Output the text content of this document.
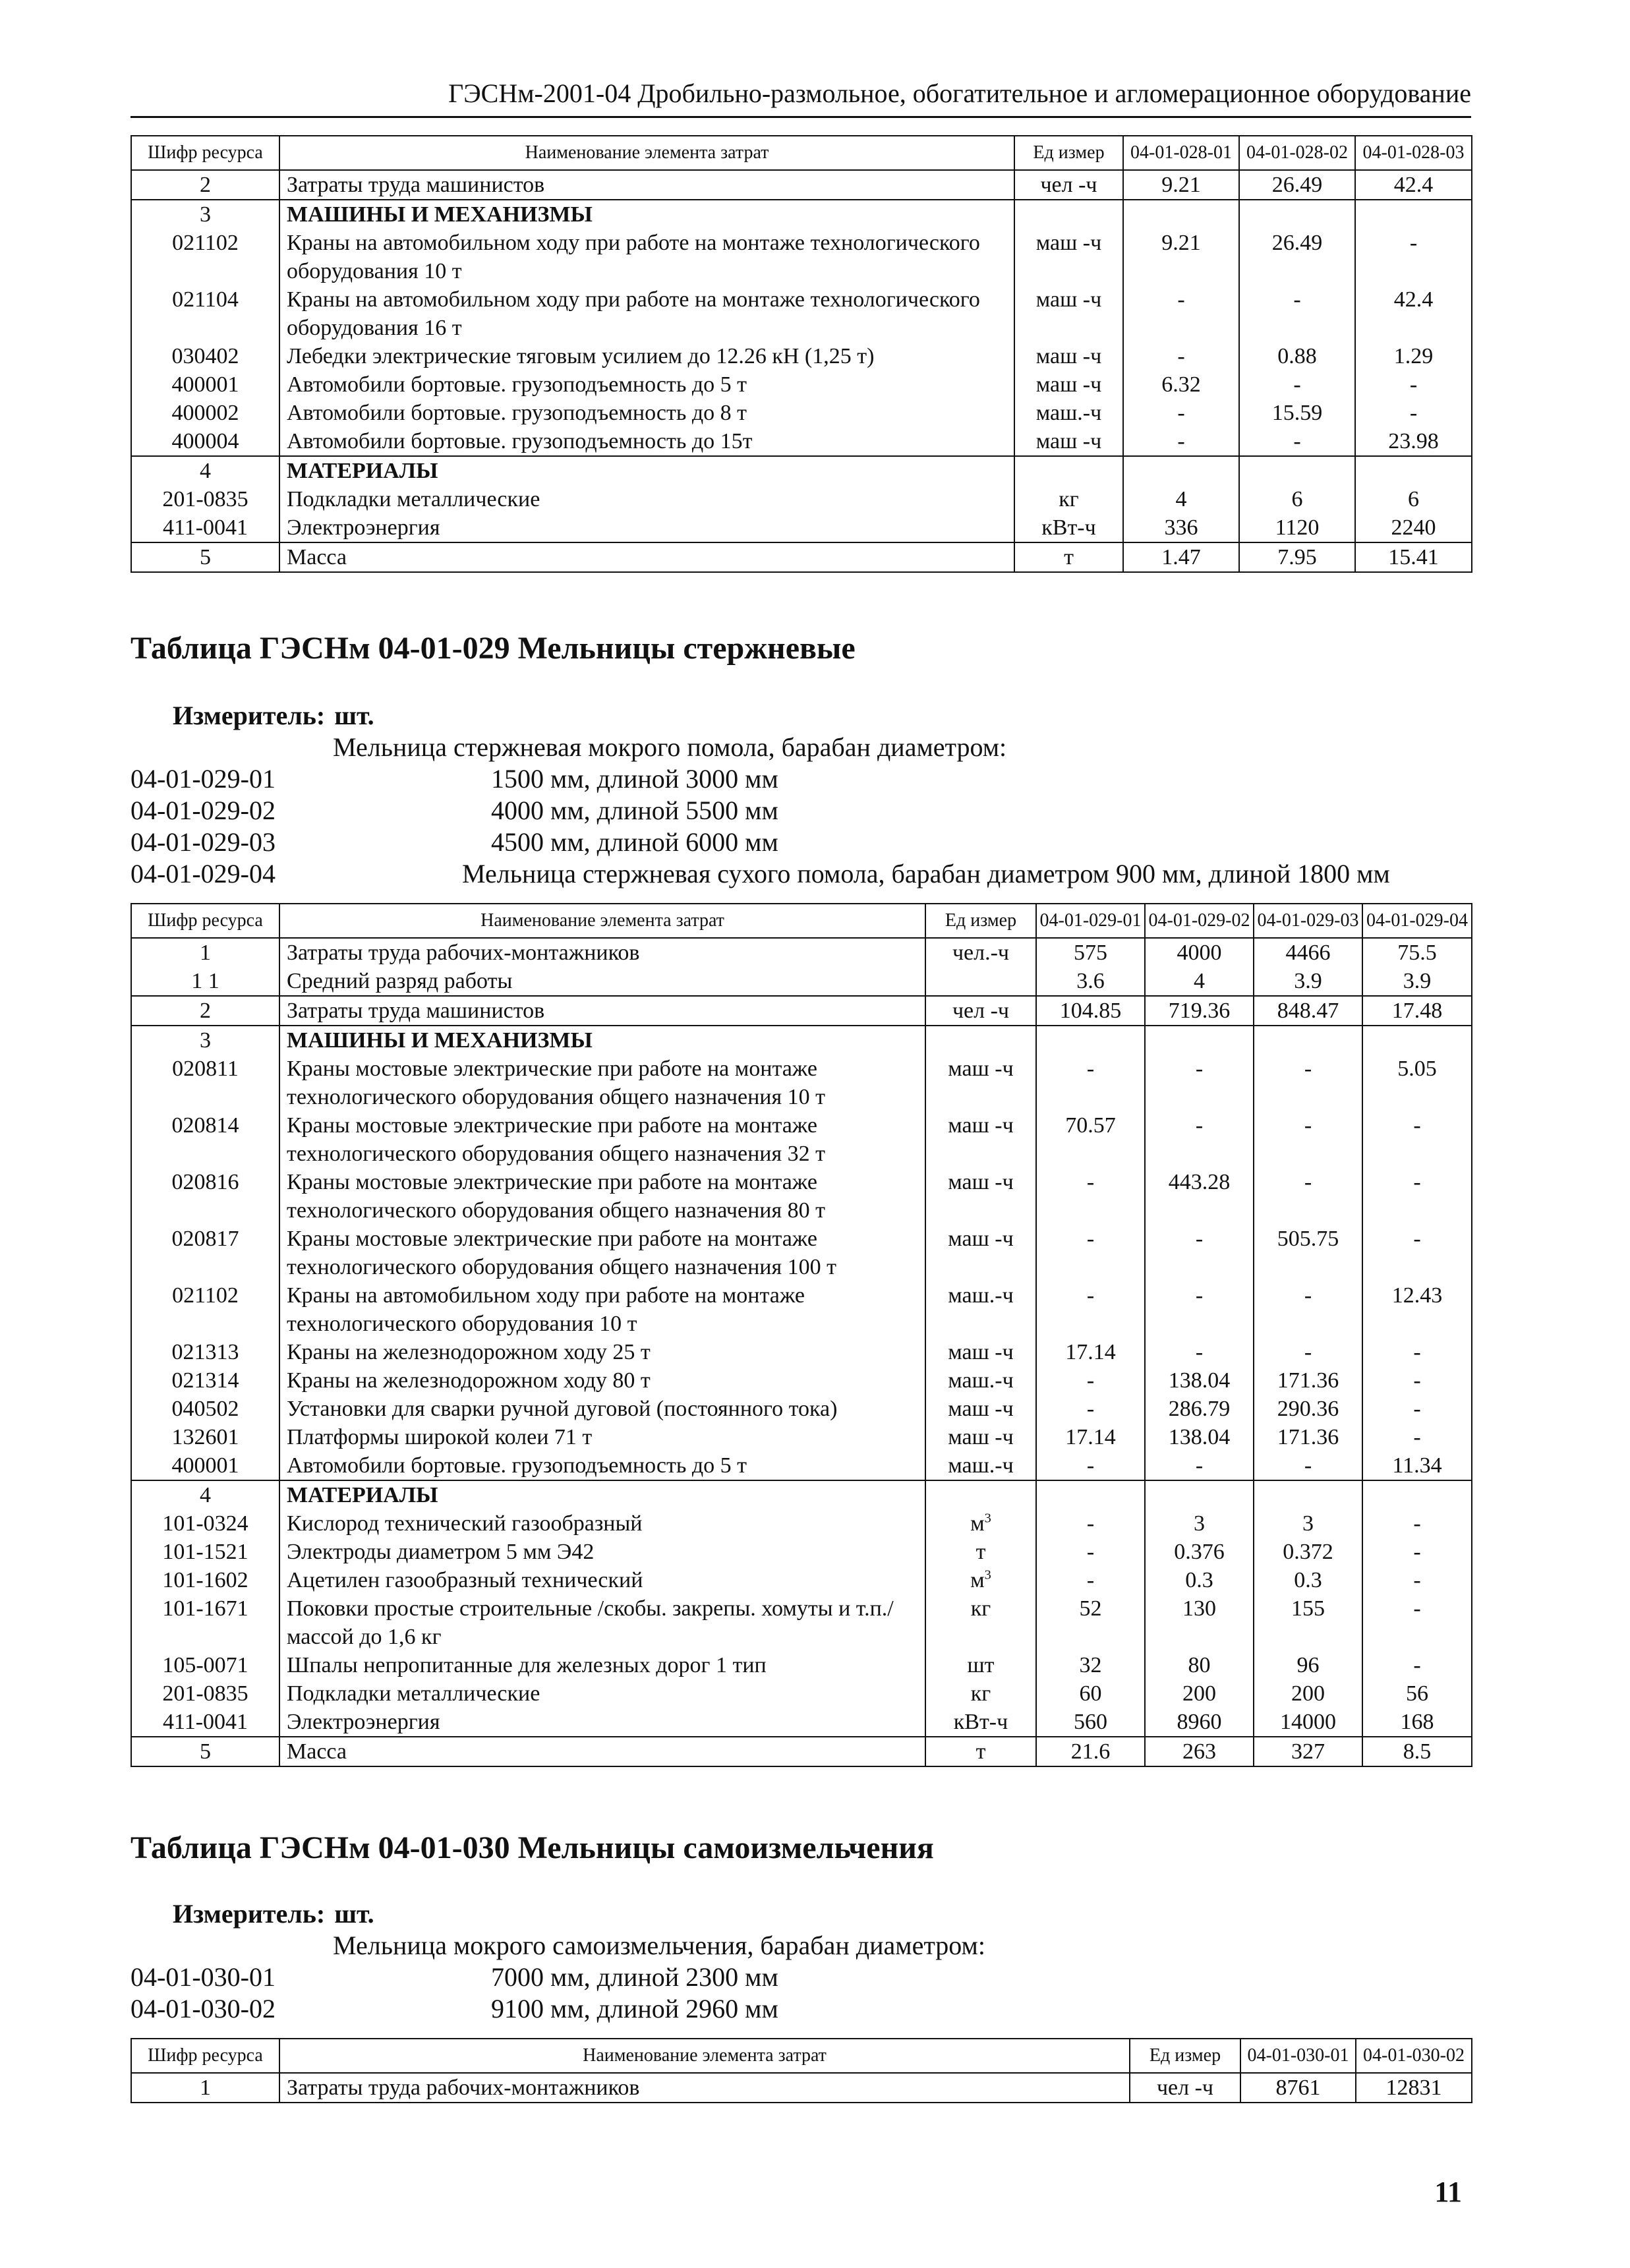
ГЭСНм-2001-04 Дробильно-размольное, обогатительное и агломерационное оборудование
Шифр ресурса	Наименование элемента затрат	Ед измер	04-01-028-01	04-01-028-02	04-01-028-03
2	Затраты труда машинистов	чел -ч	9.21	26.49	42.4
3	МАШИНЫ И МЕХАНИЗМЫ				
021102	Краны на автомобильном ходу при работе на монтаже технологического оборудования 10 т	маш -ч	9.21	26.49	-
021104	Краны на автомобильном ходу при работе на монтаже технологического оборудования 16 т	маш -ч	-	-	42.4
030402	Лебедки электрические тяговым усилием до 12.26 кН (1,25 т)	маш -ч	-	0.88	1.29
400001	Автомобили бортовые. грузоподъемность до 5 т	маш -ч	6.32	-	-
400002	Автомобили бортовые. грузоподъемность до 8 т	маш.-ч	-	15.59	-
400004	Автомобили бортовые. грузоподъемность до 15т	маш -ч	-	-	23.98
4	МАТЕРИАЛЫ				
201-0835	Подкладки металлические	кг	4	6	6
411-0041	Электроэнергия	кВт-ч	336	1120	2240
5	Масса	т	1.47	7.95	15.41
Таблица ГЭСНм 04-01-029 Мельницы стержневые
Измеритель: шт.
Мельница стержневая мокрого помола, барабан диаметром:
04-01-029-01	1500 мм, длиной 3000 мм
04-01-029-02	4000 мм, длиной 5500 мм
04-01-029-03	4500 мм, длиной 6000 мм
04-01-029-04	Мельница стержневая сухого помола, барабан диаметром 900 мм, длиной 1800 мм
Шифр ресурса	Наименование элемента затрат	Ед измер	04-01-029-01	04-01-029-02	04-01-029-03	04-01-029-04
1	Затраты труда рабочих-монтажников	чел.-ч	575	4000	4466	75.5
1 1	Средний разряд работы		3.6	4	3.9	3.9
2	Затраты труда машинистов	чел -ч	104.85	719.36	848.47	17.48
3	МАШИНЫ И МЕХАНИЗМЫ					
020811	Краны мостовые электрические при работе на монтаже технологического оборудования общего назначения 10 т	маш -ч	-	-	-	5.05
020814	Краны мостовые электрические при работе на монтаже технологического оборудования общего назначения 32 т	маш -ч	70.57	-	-	-
020816	Краны мостовые электрические при работе на монтаже технологического оборудования общего назначения 80 т	маш -ч	-	443.28	-	-
020817	Краны мостовые электрические при работе на монтаже технологического оборудования общего назначения 100 т	маш -ч	-	-	505.75	-
021102	Краны на автомобильном ходу при работе на монтаже технологического оборудования 10 т	маш.-ч	-	-	-	12.43
021313	Краны на железнодорожном ходу 25 т	маш -ч	17.14	-	-	-
021314	Краны на железнодорожном ходу 80 т	маш.-ч	-	138.04	171.36	-
040502	Установки для сварки ручной дуговой (постоянного тока)	маш -ч	-	286.79	290.36	-
132601	Платформы широкой колеи 71 т	маш -ч	17.14	138.04	171.36	-
400001	Автомобили бортовые. грузоподъемность до 5 т	маш.-ч	-	-	-	11.34
4	МАТЕРИАЛЫ					
101-0324	Кислород технический газообразный	$м^3$	-	3	3	-
101-1521	Электроды диаметром 5 мм Э42	т	-	0.376	0.372	-
101-1602	Ацетилен газообразный технический	$м^3$	-	0.3	0.3	-
101-1671	Поковки простые строительные /скобы. закрепы. хомуты и т.п./ массой до 1,6 кг	кг	52	130	155	-
105-0071	Шпалы непропитанные для железных дорог 1 тип	шт	32	80	96	-
201-0835	Подкладки металлические	кг	60	200	200	56
411-0041	Электроэнергия	кВт-ч	560	8960	14000	168
5	Масса	т	21.6	263	327	8.5
Таблица ГЭСНм 04-01-030 Мельницы самоизмельчения
Измеритель: шт.
Мельница мокрого самоизмельчения, барабан диаметром:
04-01-030-01	7000 мм, длиной 2300 мм
04-01-030-02	9100 мм, длиной 2960 мм
Шифр ресурса	Наименование элемента затрат	Ед измер	04-01-030-01	04-01-030-02
1	Затраты труда рабочих-монтажников	чел -ч	8761	12831
11
